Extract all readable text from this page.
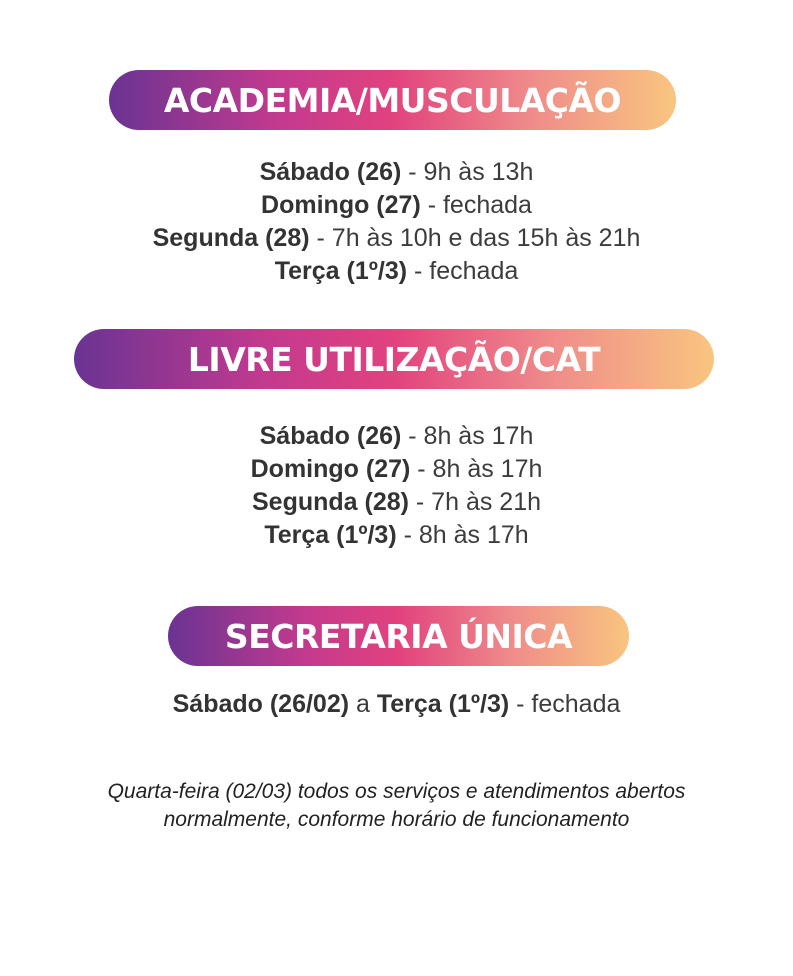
ACADEMIA/MUSCULAÇÃO
Sábado (26) - 9h às 13h
Domingo (27) - fechada
Segunda (28) - 7h às 10h e das 15h às 21h
Terça (1º/3) - fechada
LIVRE UTILIZAÇÃO/CAT
Sábado (26) - 8h às 17h
Domingo (27) - 8h às 17h
Segunda (28) - 7h às 21h
Terça (1º/3) - 8h às 17h
SECRETARIA ÚNICA
Sábado (26/02) a Terça (1º/3) - fechada
Quarta-feira (02/03) todos os serviços e atendimentos abertos
normalmente, conforme horário de funcionamento
